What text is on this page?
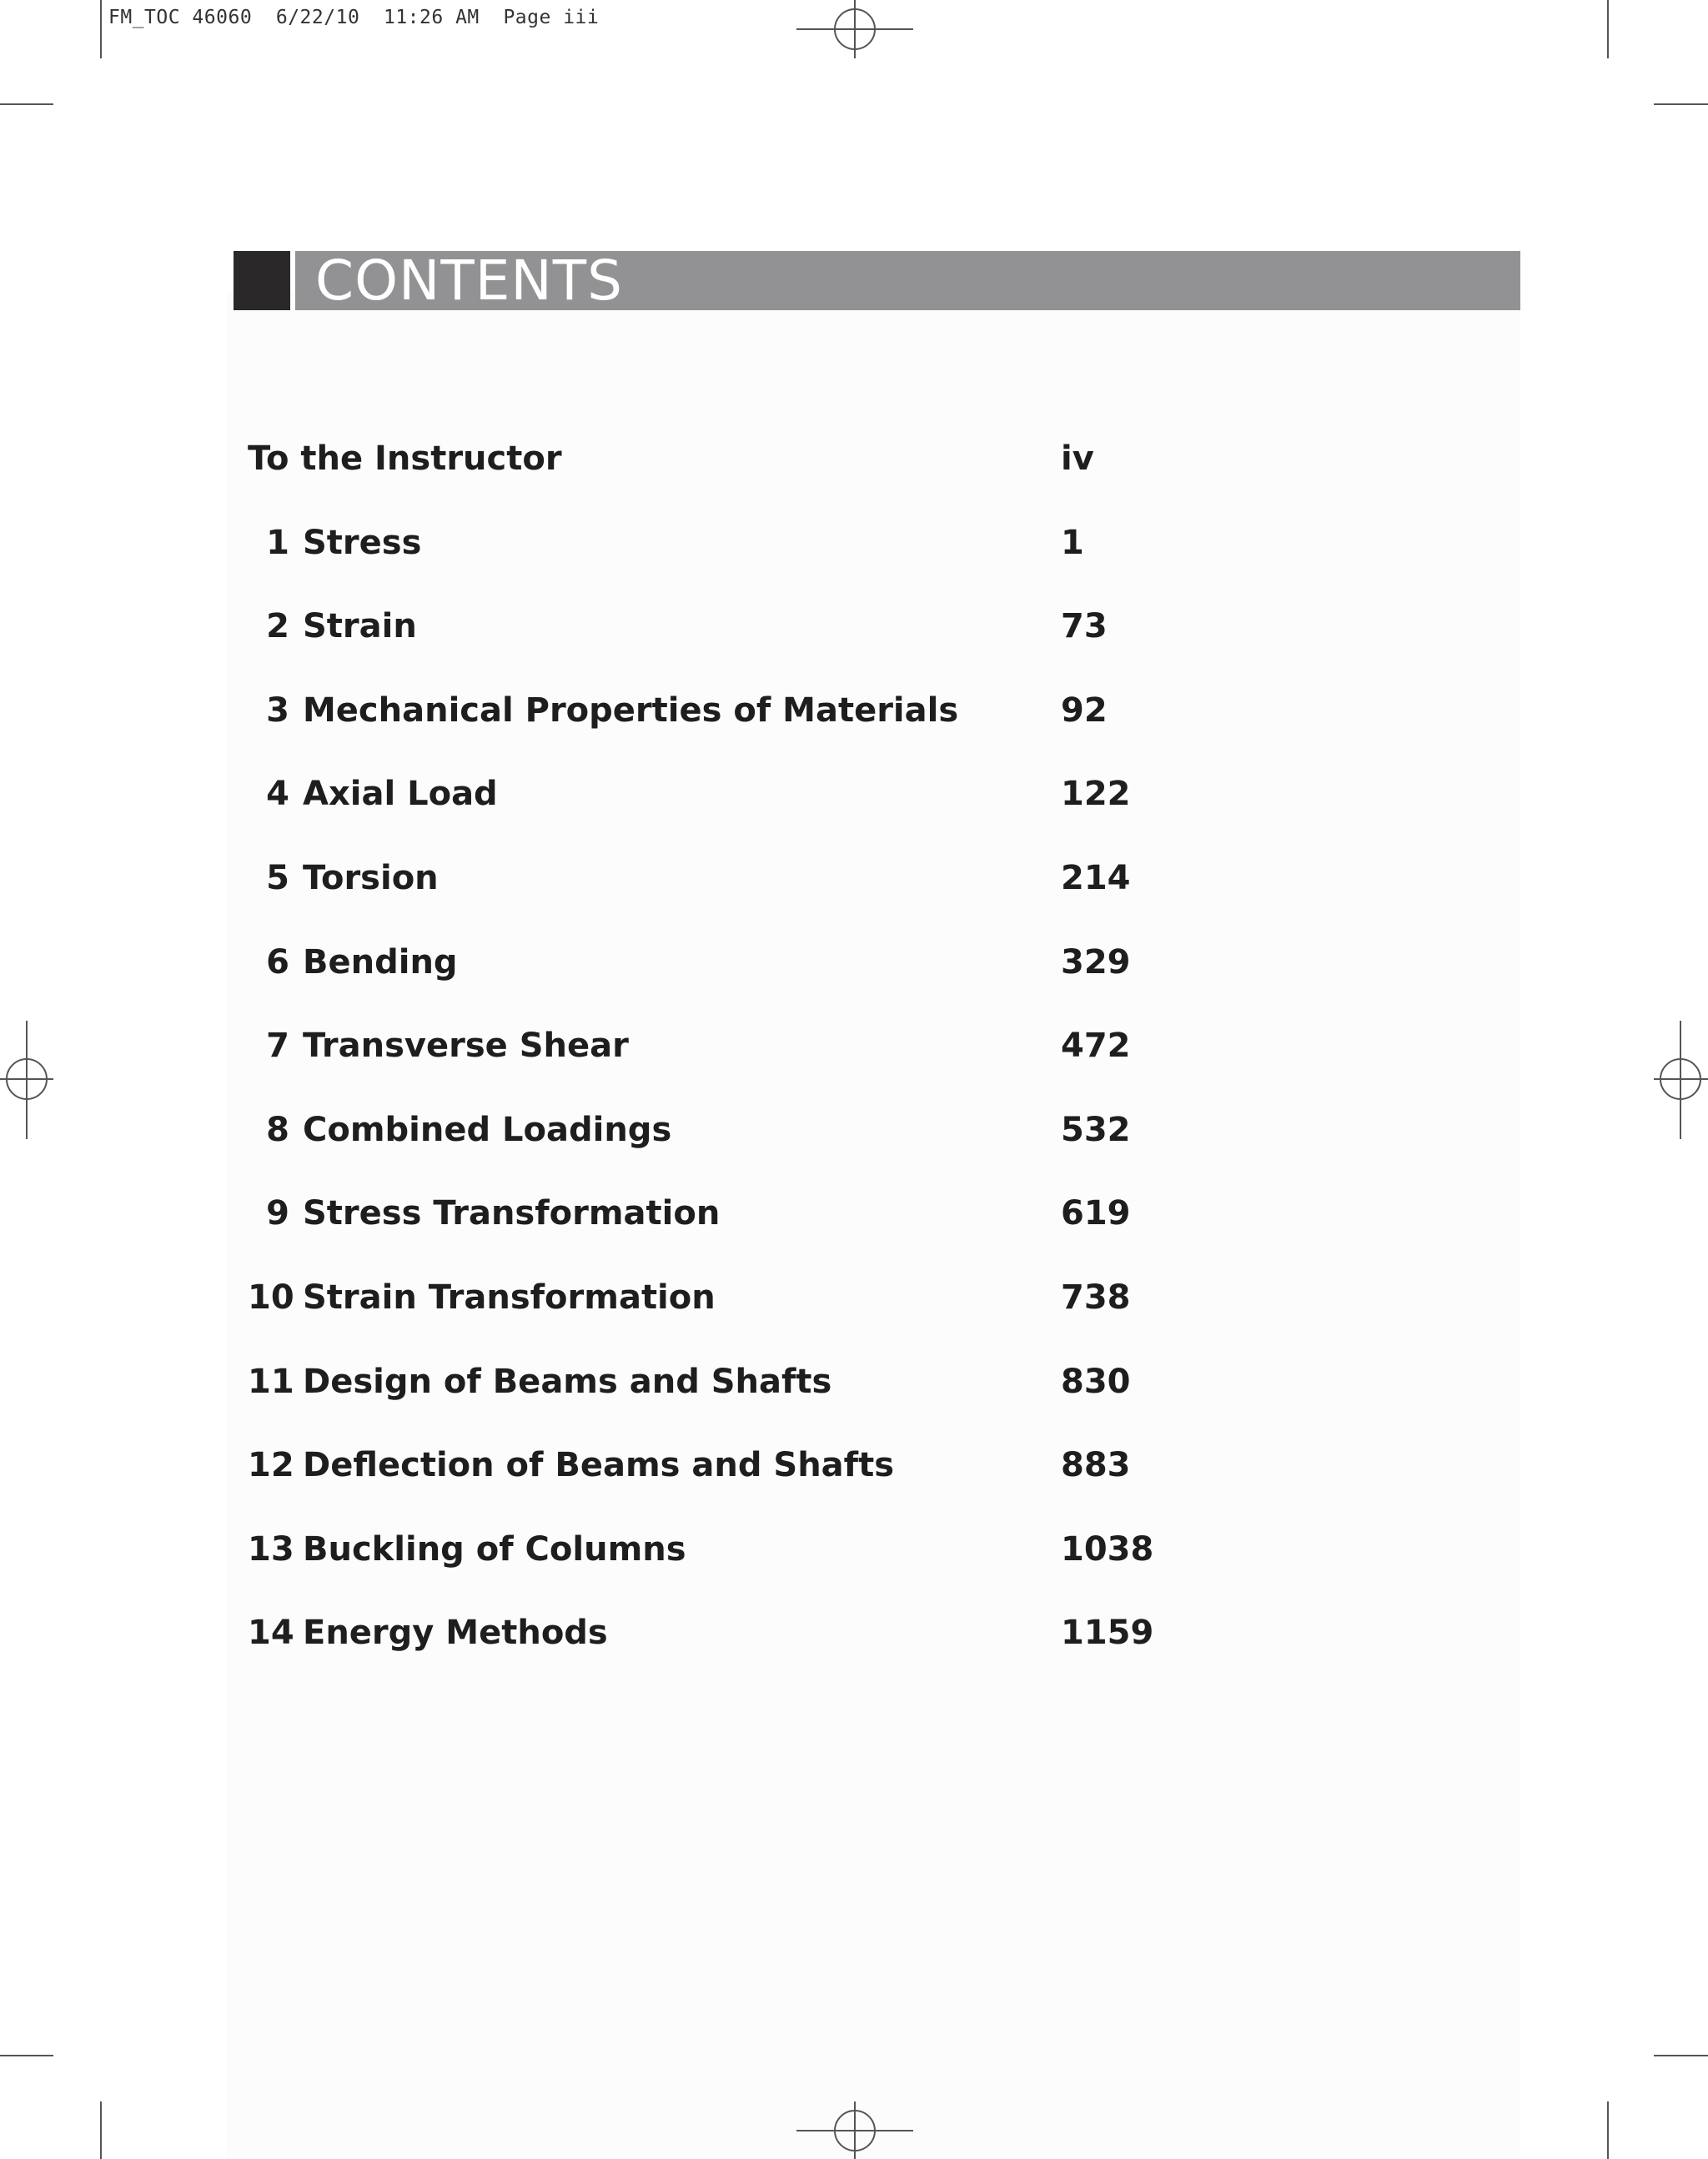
FM_TOC 46060  6/22/10  11:26 AM  Page iii
CONTENTS
To the Instructor	iv
1 Stress	1
2 Strain	73
3 Mechanical Properties of Materials	92
4 Axial Load	122
5 Torsion	214
6 Bending	329
7 Transverse Shear	472
8 Combined Loadings	532
9 Stress Transformation	619
10 Strain Transformation	738
11 Design of Beams and Shafts	830
12 Deflection of Beams and Shafts	883
13 Buckling of Columns	1038
14 Energy Methods	1159
